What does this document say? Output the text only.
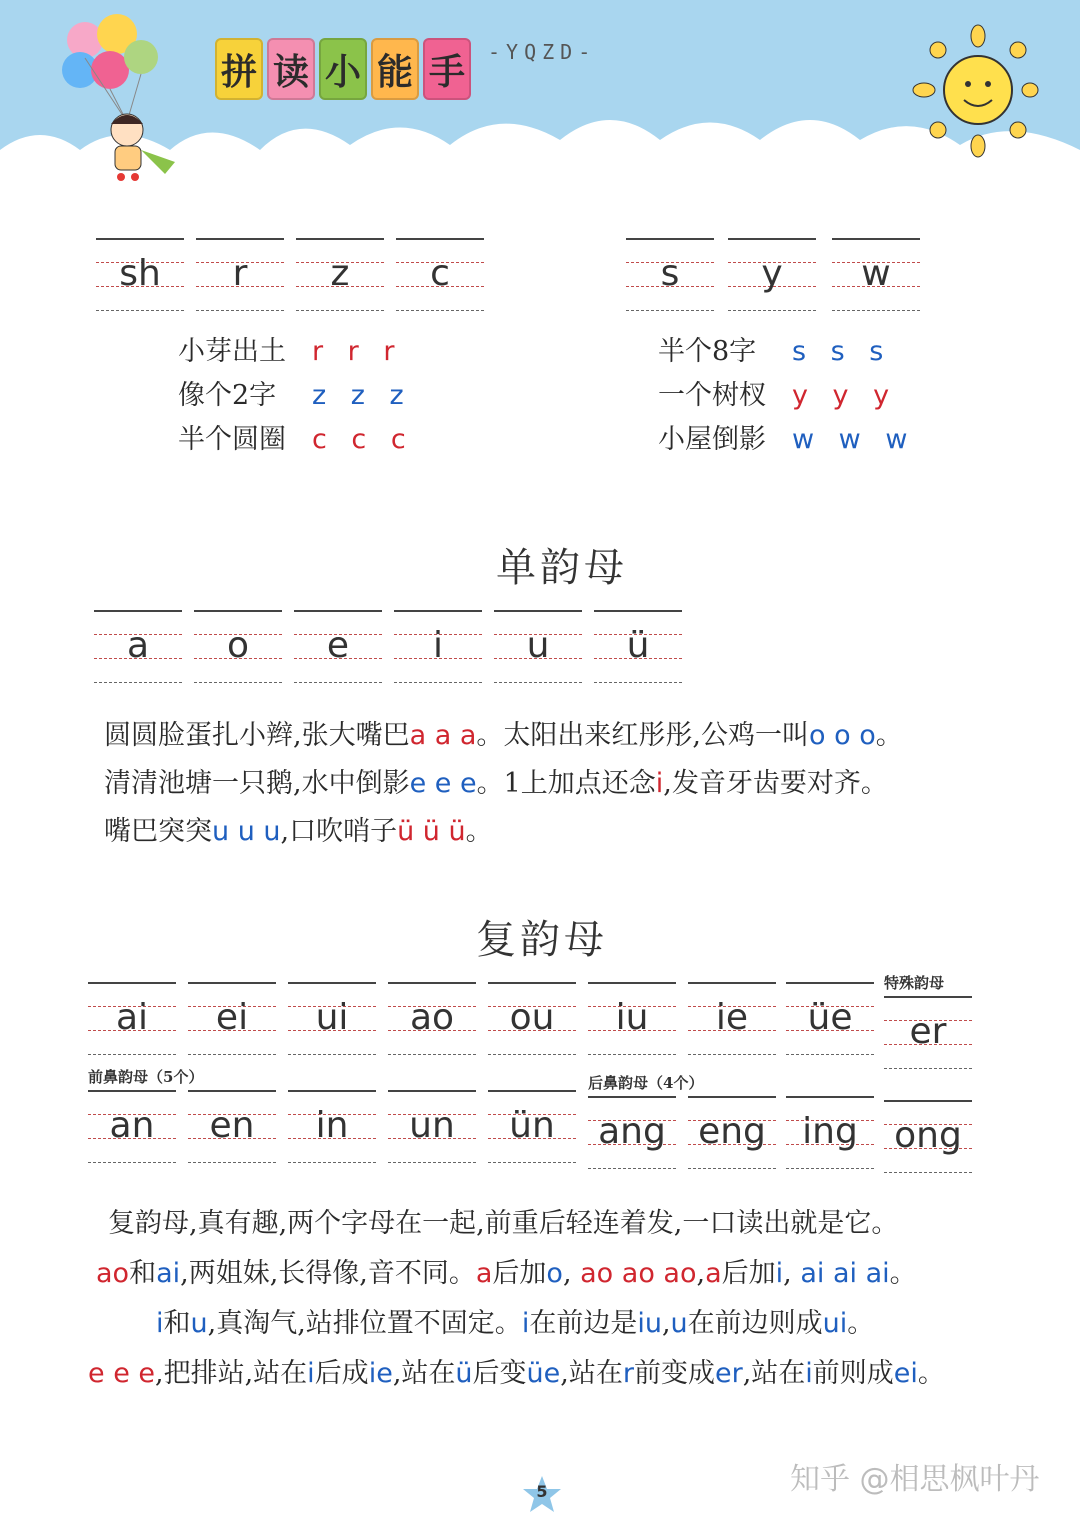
拼 读 小 能 手	-YQZD-
sh	r	z	c	s	y	w
小芽出土 r r r
像个2字 z z z
半个圆圈 c c c
半个8字 s s s
一个树杈 y y y
小屋倒影 w w w
单韵母
a	o	e	i	u	ü
圆圆脸蛋扎小辫,张大嘴巴a a a。太阳出来红彤彤,公鸡一叫o o o。
清清池塘一只鹅,水中倒影e e e。1上加点还念i,发音牙齿要对齐。
嘴巴突突u u u,口吹哨子ü ü ü。
复韵母
ai	ei	ui	ao	ou	iu	ie	üe
特殊韵母
er
前鼻韵母（5个）
an	en	in	un	ün
后鼻韵母（4个）
ang eng	ing	ong
复韵母,真有趣,两个字母在一起,前重后轻连着发,一口读出就是它。
ao和ai,两姐妹,长得像,音不同。a后加o, ao ao ao,a后加i, ai ai ai。
i和u,真淘气,站排位置不固定。i在前边是iu,u在前边则成ui。
e e e,把排站,站在i后成ie,站在ü后变üe,站在r前变成er,站在i前则成ei。
5	知乎 @相思枫叶丹
